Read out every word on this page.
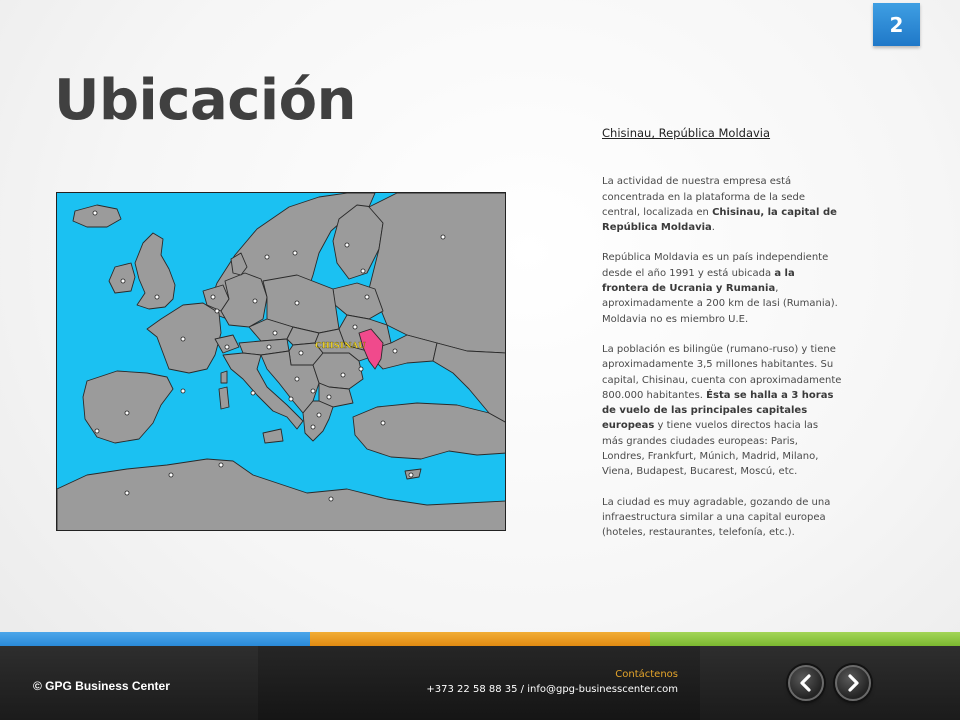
2
Ubicación
CHISINAU
Chisinau, República Moldavia

La actividad de nuestra empresa está concentrada en la plataforma de la sede central, localizada en Chisinau, la capital de República Moldavia.

República Moldavia es un país independiente desde el año 1991 y está ubicada a la frontera de Ucrania y Rumania, aproximadamente a 200 km de Iasi (Rumania). Moldavia no es miembro U.E.

La población es bilingüe (rumano-ruso) y tiene aproximadamente 3,5 millones habitantes. Su capital, Chisinau, cuenta con aproximadamente 800.000 habitantes. Ésta se halla a 3 horas de vuelo de las principales capitales europeas y tiene vuelos directos hacia las más grandes ciudades europeas: Paris, Londres, Frankfurt, Múnich, Madrid, Milano, Viena, Budapest, Bucarest, Moscú, etc.

La ciudad es muy agradable, gozando de una infraestructura similar a una capital europea (hoteles, restaurantes, telefonía, etc.).

© GPG Business Center
Contáctenos
+373 22 58 88 35 / info@gpg-businesscenter.com
